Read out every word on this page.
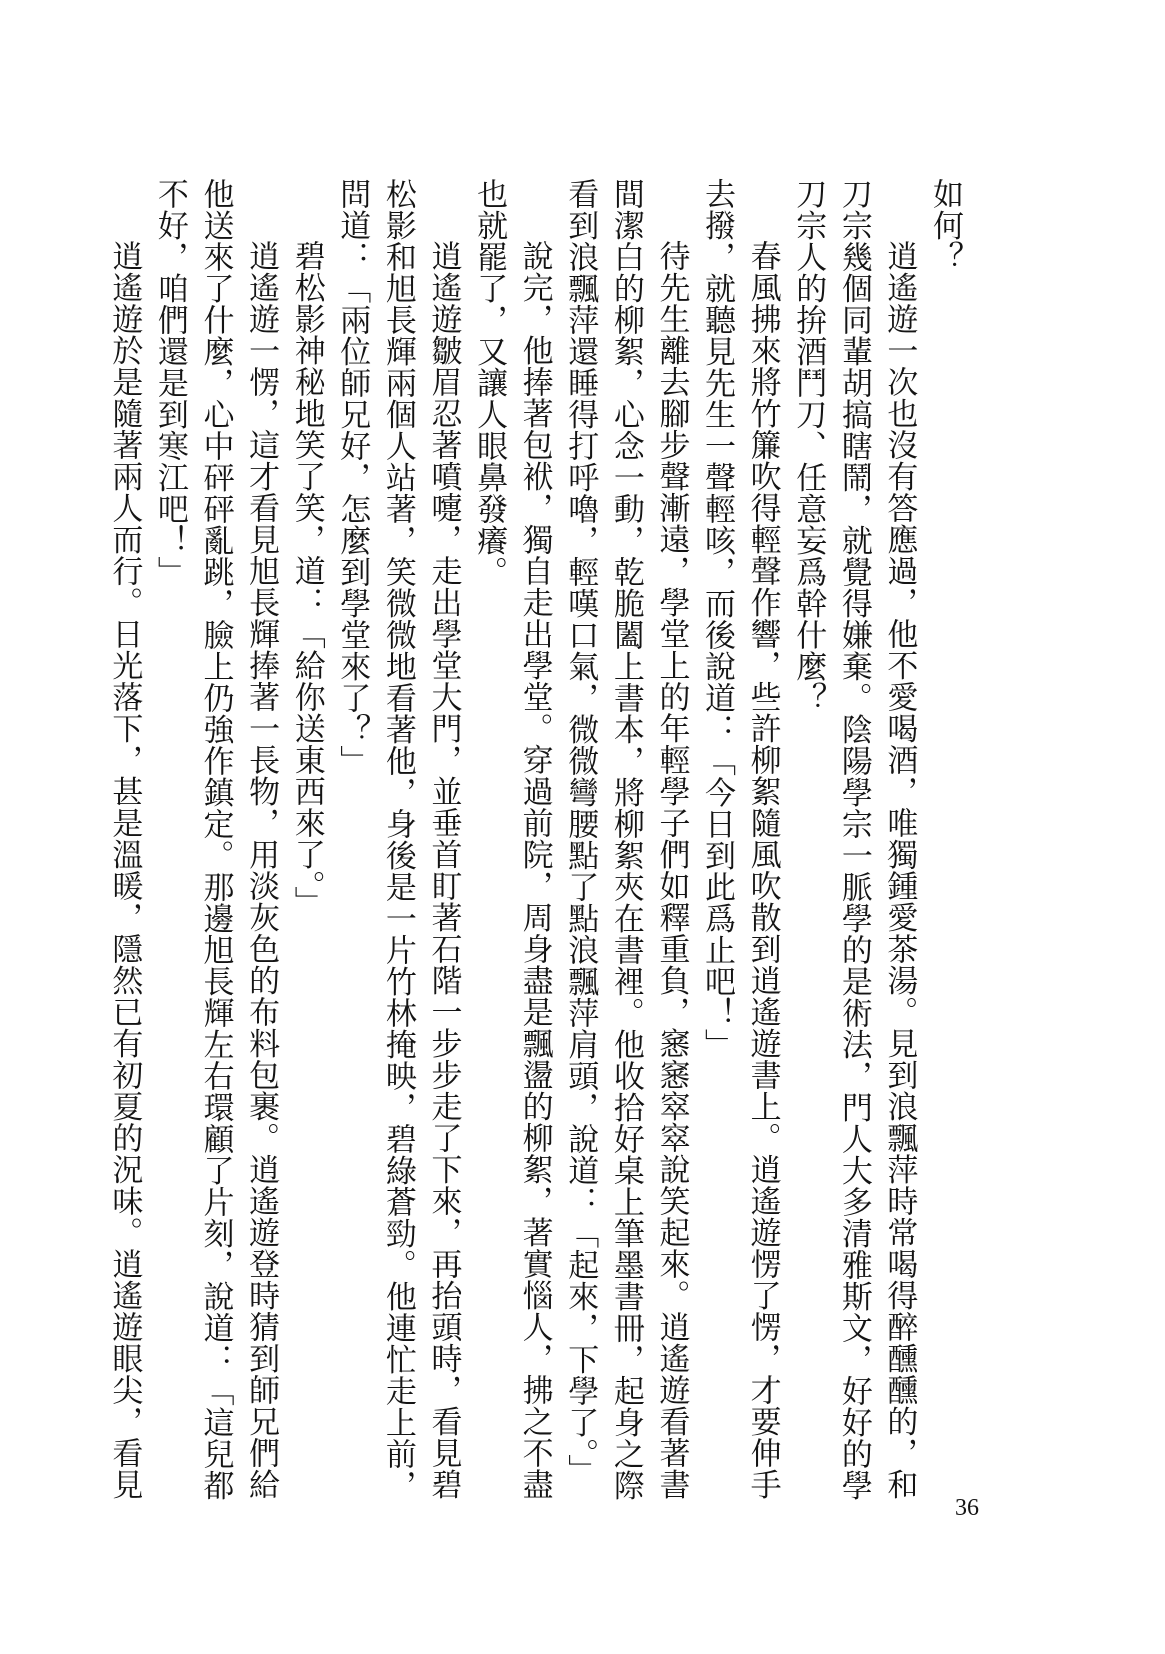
如何？

逍遙遊一次也沒有答應過，他不愛喝酒，唯獨鍾愛茶湯。見到浪飄萍時常喝得醉醺醺的，和刀宗幾個同輩胡搞瞎鬧，就覺得嫌棄。陰陽學宗一脈學的是術法，門人大多清雅斯文，好好的學刀宗人的拚酒鬥刀、任意妄爲幹什麼？

春風拂來將竹簾吹得輕聲作響，些許柳絮隨風吹散到逍遙遊書上。逍遙遊愣了愣，才要伸手去撥，就聽見先生一聲輕咳，而後說道：「今日到此爲止吧！」

待先生離去腳步聲漸遠，學堂上的年輕學子們如釋重負，窸窸窣窣說笑起來。逍遙遊看著書間潔白的柳絮，心念一動，乾脆闔上書本，將柳絮夾在書裡。他收拾好桌上筆墨書冊，起身之際看到浪飄萍還睡得打呼嚕，輕嘆口氣，微微彎腰點了點浪飄萍肩頭，說道：「起來，下學了。」

說完，他捧著包袱，獨自走出學堂。穿過前院，周身盡是飄盪的柳絮，著實惱人，拂之不盡也就罷了，又讓人眼鼻發癢。

逍遙遊皺眉忍著噴嚏，走出學堂大門，並垂首盯著石階一步步走了下來，再抬頭時，看見碧松影和旭長輝兩個人站著，笑微微地看著他，身後是一片竹林掩映，碧綠蒼勁。他連忙走上前，問道：「兩位師兄好，怎麼到學堂來了？」

碧松影神秘地笑了笑，道：「給你送東西來了。」

逍遙遊一愣，這才看見旭長輝捧著一長物，用淡灰色的布料包裹。逍遙遊登時猜到師兄們給他送來了什麼，心中砰砰亂跳，臉上仍強作鎮定。那邊旭長輝左右環顧了片刻，說道：「這兒都不好，咱們還是到寒江吧！」

逍遙遊於是隨著兩人而行。日光落下，甚是溫暖，隱然已有初夏的況味。逍遙遊眼尖，看見

36
